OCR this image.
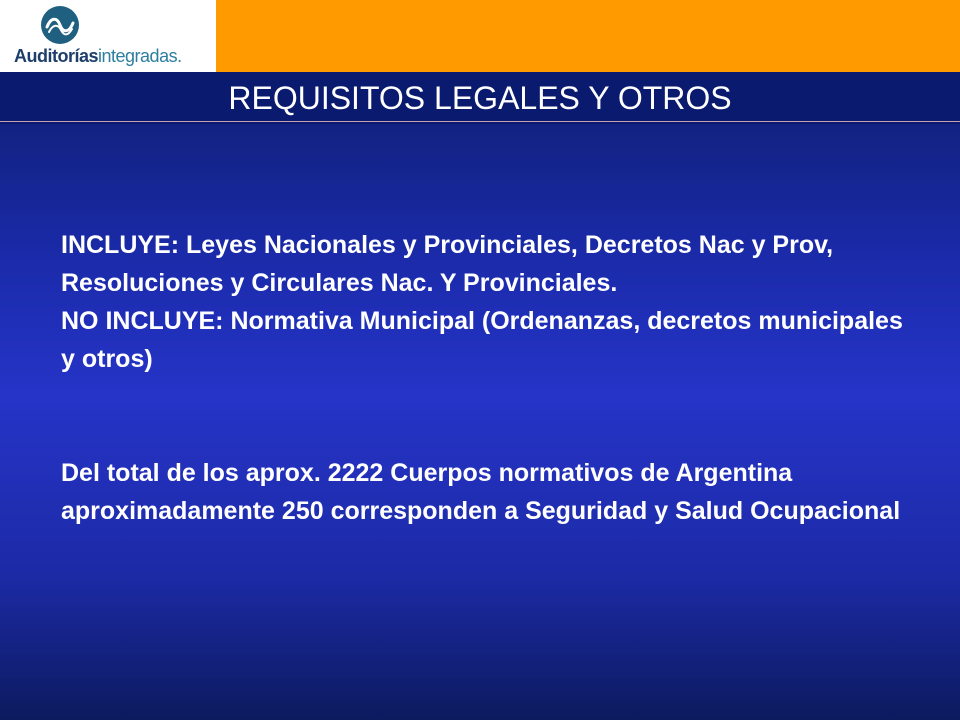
Auditoríasintegradas.
REQUISITOS LEGALES Y OTROS

INCLUYE: Leyes Nacionales y Provinciales, Decretos Nac y Prov, Resoluciones y Circulares Nac. Y Provinciales.

NO INCLUYE: Normativa Municipal (Ordenanzas, decretos municipales y otros)

Del total de los aprox. 2222 Cuerpos normativos de Argentina aproximadamente 250 corresponden a Seguridad y Salud Ocupacional
